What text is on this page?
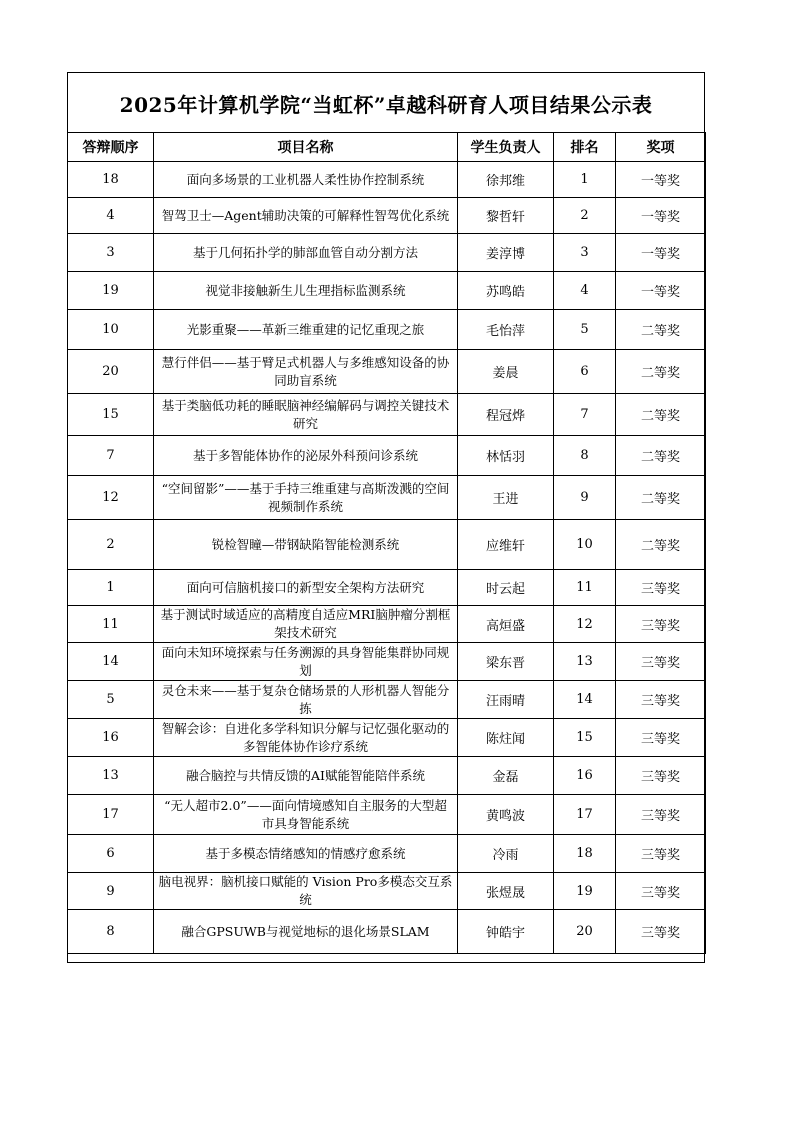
2025年计算机学院“当虹杯”卓越科研育人项目结果公示表
答辩顺序	项目名称	学生负责人	排名	奖项
18	面向多场景的工业机器人柔性协作控制系统	徐邦维	1	一等奖
4	智驾卫士—Agent辅助决策的可解释性智驾优化系统	黎哲轩	2	一等奖
3	基于几何拓扑学的肺部血管自动分割方法	姜淳博	3	一等奖
19	视觉非接触新生儿生理指标监测系统	苏鸣皓	4	一等奖
10	光影重聚——革新三维重建的记忆重现之旅	毛怡萍	5	二等奖
20	慧行伴侣——基于臂足式机器人与多维感知设备的协同助盲系统	姜晨	6	二等奖
15	基于类脑低功耗的睡眠脑神经编解码与调控关键技术研究	程冠烨	7	二等奖
7	基于多智能体协作的泌尿外科预问诊系统	林恬羽	8	二等奖
12	“空间留影”——基于手持三维重建与高斯泼溅的空间视频制作系统	王进	9	二等奖
2	锐检智瞳—带钢缺陷智能检测系统	应维轩	10	二等奖
1	面向可信脑机接口的新型安全架构方法研究	时云起	11	三等奖
11	基于测试时域适应的高精度自适应MRI脑肿瘤分割框架技术研究	高烜盛	12	三等奖
14	面向未知环境探索与任务溯源的具身智能集群协同规划	梁东晋	13	三等奖
5	灵仓未来——基于复杂仓储场景的人形机器人智能分拣	汪雨晴	14	三等奖
16	智解会诊：自进化多学科知识分解与记忆强化驱动的多智能体协作诊疗系统	陈炷闻	15	三等奖
13	融合脑控与共情反馈的AI赋能智能陪伴系统	金磊	16	三等奖
17	“无人超市2.0”——面向情境感知自主服务的大型超市具身智能系统	黄鸣波	17	三等奖
6	基于多模态情绪感知的情感疗愈系统	冷雨	18	三等奖
9	脑电视界：脑机接口赋能的 Vision Pro多模态交互系统	张煜晟	19	三等奖
8	融合GPSUWB与视觉地标的退化场景SLAM	钟皓宇	20	三等奖
